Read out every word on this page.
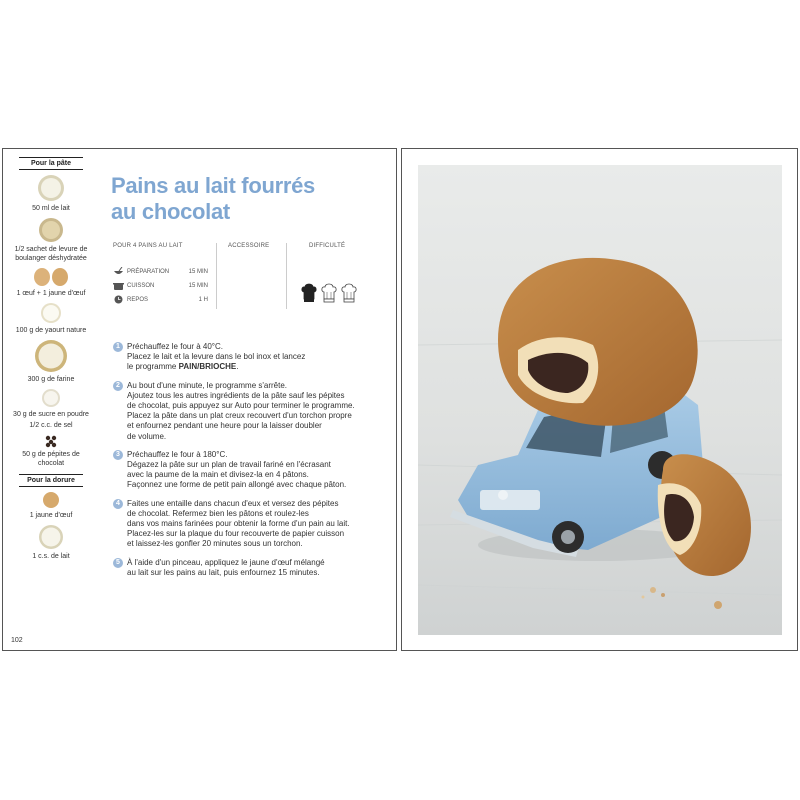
Pour la pâte
50 ml de lait
1/2 sachet de levure de boulanger déshydratée
1 œuf + 1 jaune d'œuf
100 g de yaourt nature
300 g de farine
30 g de sucre en poudre
1/2 c.c. de sel
50 g de pépites de chocolat
Pour la dorure
1 jaune d'œuf
1 c.s. de lait
Pains au lait fourrés
au chocolat
POUR 4 PAINS AU LAIT	ACCESSOIRE	DIFFICULTÉ
PRÉPARATION	15 MIN
CUISSON	15 MIN
REPOS	1 H
1 Préchauffez le four à 40°C.
Placez le lait et la levure dans le bol inox et lancez
le programme PAIN/BRIOCHE.
2 Au bout d'une minute, le programme s'arrête.
Ajoutez tous les autres ingrédients de la pâte sauf les pépites
de chocolat, puis appuyez sur Auto pour terminer le programme.
Placez la pâte dans un plat creux recouvert d'un torchon propre
et enfournez pendant une heure pour la laisser doubler
de volume.
3 Préchauffez le four à 180°C.
Dégazez la pâte sur un plan de travail fariné en l'écrasant
avec la paume de la main et divisez-la en 4 pâtons.
Façonnez une forme de petit pain allongé avec chaque pâton.
4 Faites une entaille dans chacun d'eux et versez des pépites
de chocolat. Refermez bien les pâtons et roulez-les
dans vos mains farinées pour obtenir la forme d'un pain au lait.
Placez-les sur la plaque du four recouverte de papier cuisson
et laissez-les gonfler 20 minutes sous un torchon.
5 À l'aide d'un pinceau, appliquez le jaune d'œuf mélangé
au lait sur les pains au lait, puis enfournez 15 minutes.
102
